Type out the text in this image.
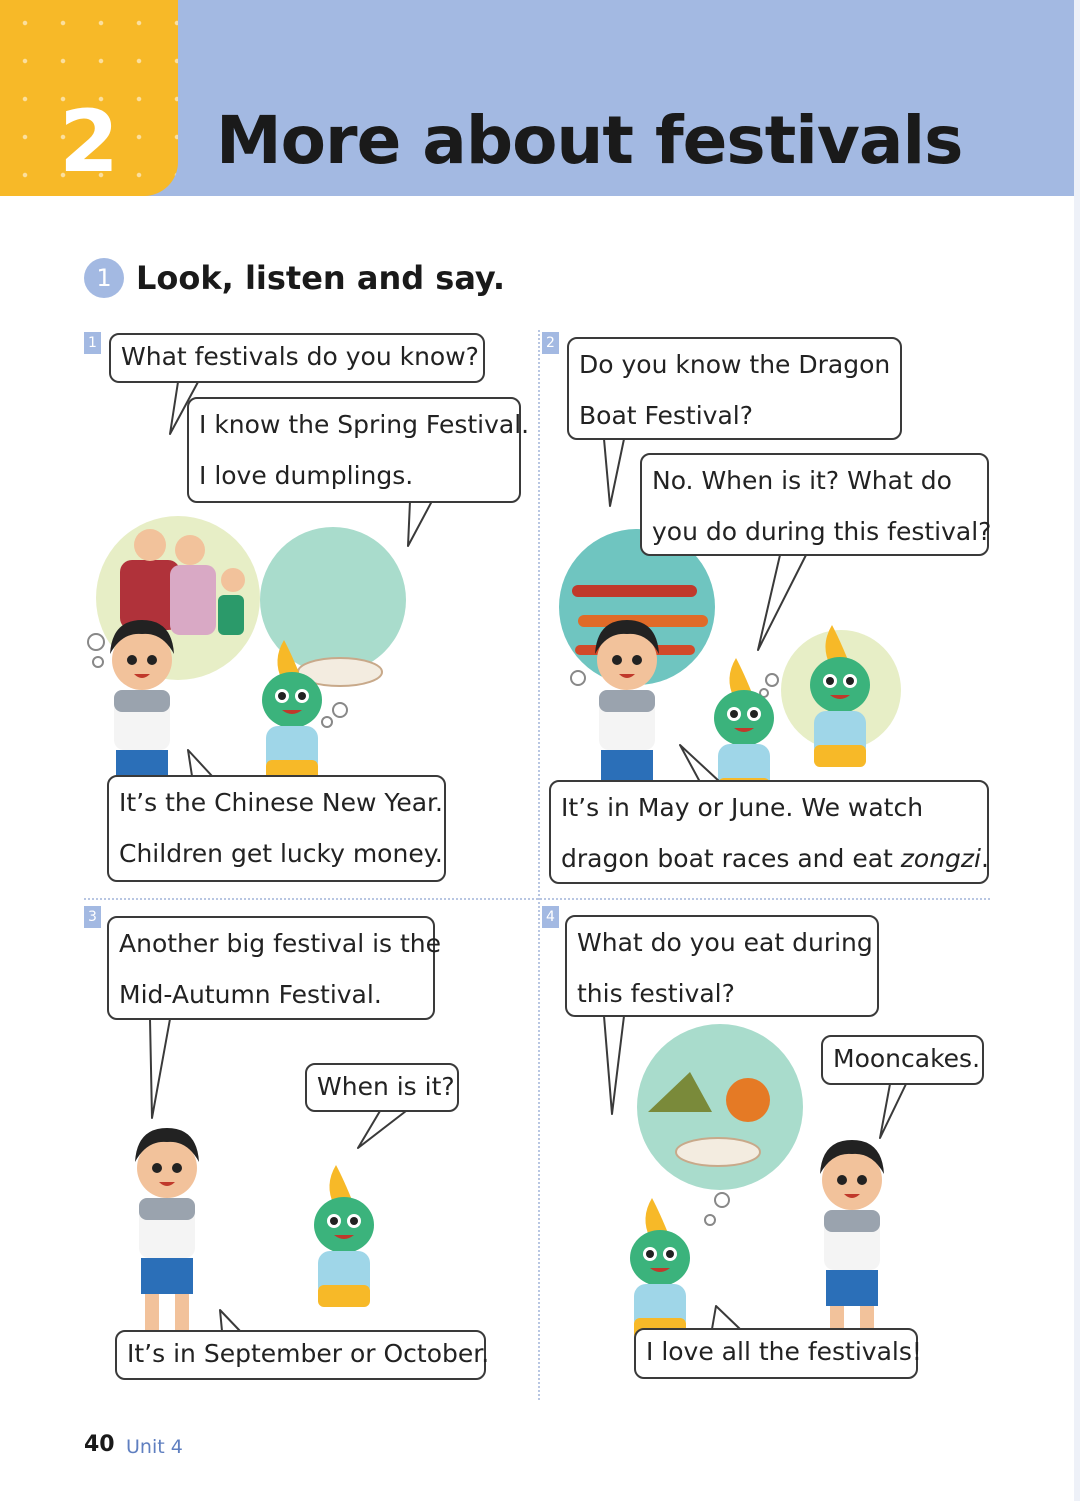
2	More about festivals
1 Look, listen and say.
1	2
3	4
What festivals do you know?
I know the Spring Festival.
I love dumplings.
It’s the Chinese New Year.
Children get lucky money.
Do you know the Dragon
Boat Festival?
No. When is it? What do
you do during this festival?
It’s in May or June. We watch
dragon boat races and eat zongzi.
Another big festival is the
Mid-Autumn Festival.
When is it?
It’s in September or October.
What do you eat during
this festival?
Mooncakes.
I love all the festivals!
40 Unit 4
